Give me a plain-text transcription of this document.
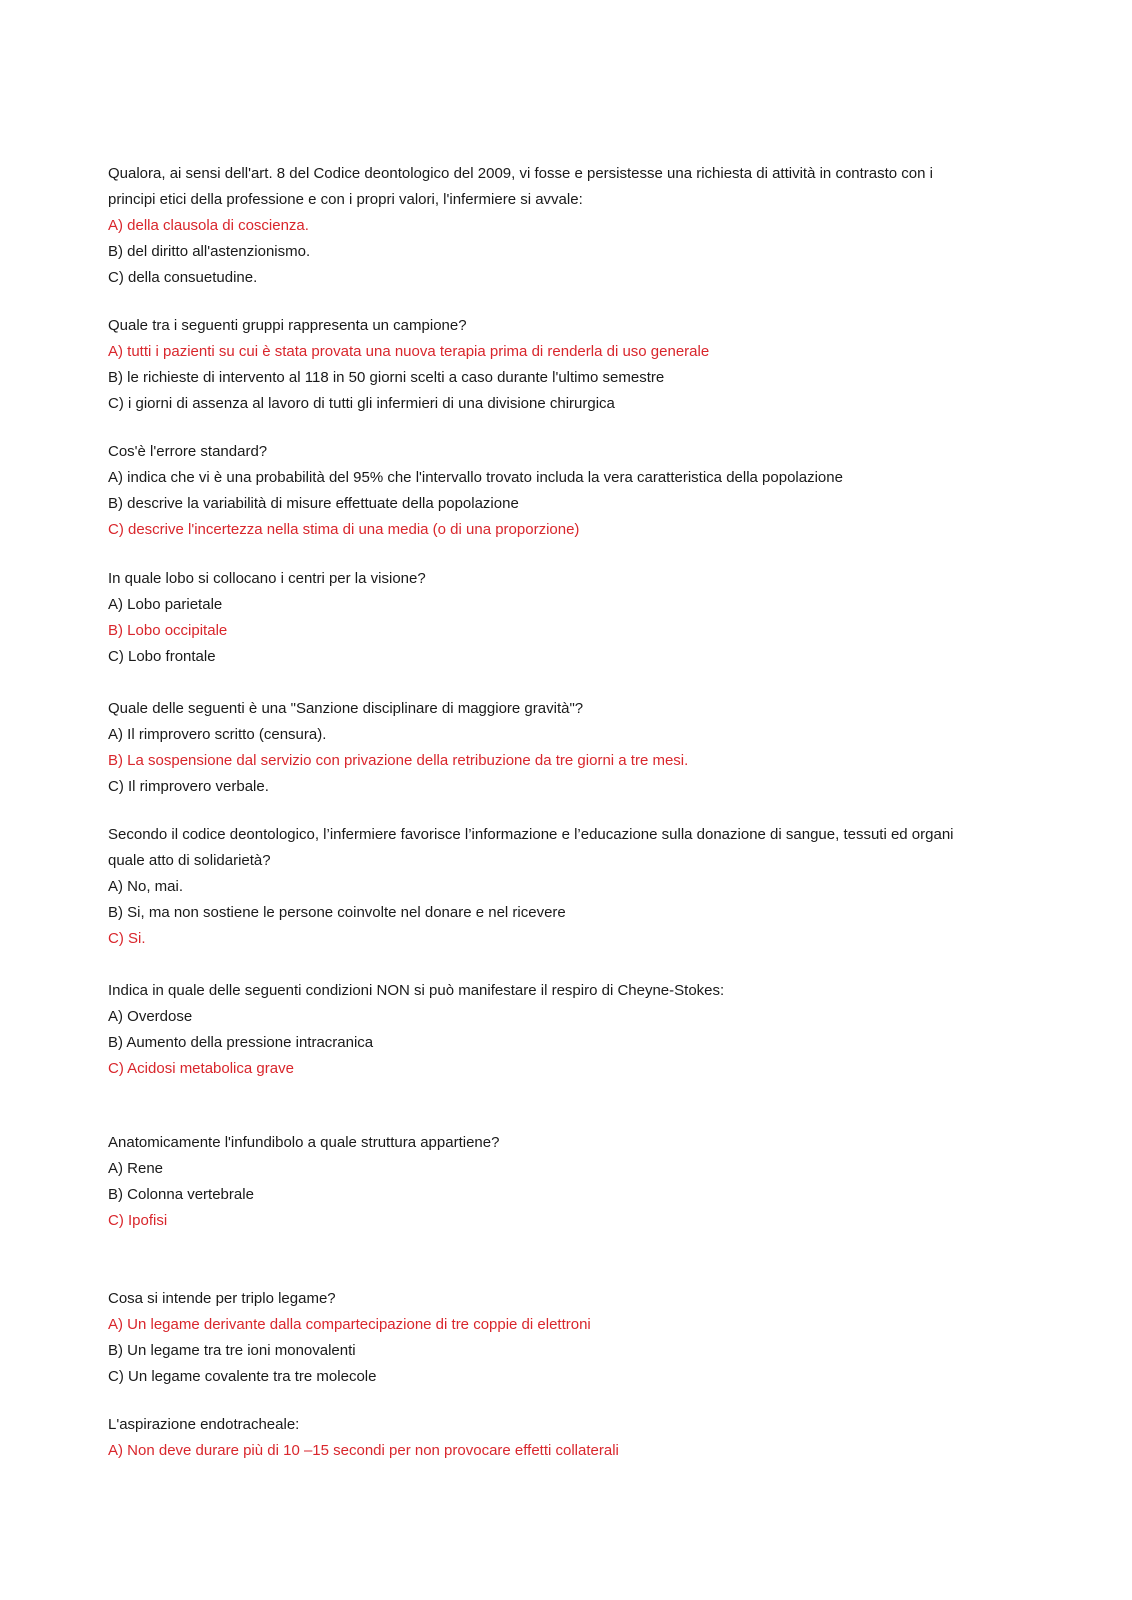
Qualora, ai sensi dell'art. 8 del Codice deontologico del 2009, vi fosse e persistesse una richiesta di attività in contrasto con i
principi etici della professione e con i propri valori, l'infermiere si avvale:
A) della clausola di coscienza.
B) del diritto all'astenzionismo.
C) della consuetudine.
Quale tra i seguenti gruppi rappresenta un campione?
A) tutti i pazienti su cui è stata provata una nuova terapia prima di renderla di uso generale
B) le richieste di intervento al 118 in 50 giorni scelti a caso durante l'ultimo semestre
C) i giorni di assenza al lavoro di tutti gli infermieri di una divisione chirurgica
Cos'è l'errore standard?
A) indica che vi è una probabilità del 95% che l'intervallo trovato includa la vera caratteristica della popolazione
B) descrive la variabilità di misure effettuate della popolazione
C) descrive l'incertezza nella stima di una media (o di una proporzione)
In quale lobo si collocano i centri per la visione?
A) Lobo parietale
B) Lobo occipitale
C) Lobo frontale
Quale delle seguenti è una "Sanzione disciplinare di maggiore gravità"?
A) Il rimprovero scritto (censura).
B) La sospensione dal servizio con privazione della retribuzione da tre giorni a tre mesi.
C) Il rimprovero verbale.
Secondo il codice deontologico, l’infermiere favorisce l’informazione e l’educazione sulla donazione di sangue, tessuti ed organi
quale atto di solidarietà?
A) No, mai.
B) Si, ma non sostiene le persone coinvolte nel donare e nel ricevere
C) Si.
Indica in quale delle seguenti condizioni NON si può manifestare il respiro di Cheyne-Stokes:
A) Overdose
B) Aumento della pressione intracranica
C) Acidosi metabolica grave
Anatomicamente l'infundibolo a quale struttura appartiene?
A) Rene
B) Colonna vertebrale
C) Ipofisi
Cosa si intende per triplo legame?
A) Un legame derivante dalla compartecipazione di tre coppie di elettroni
B) Un legame tra tre ioni monovalenti
C) Un legame covalente tra tre molecole
L'aspirazione endotracheale:
A) Non deve durare più di 10 –15 secondi per non provocare effetti collaterali
